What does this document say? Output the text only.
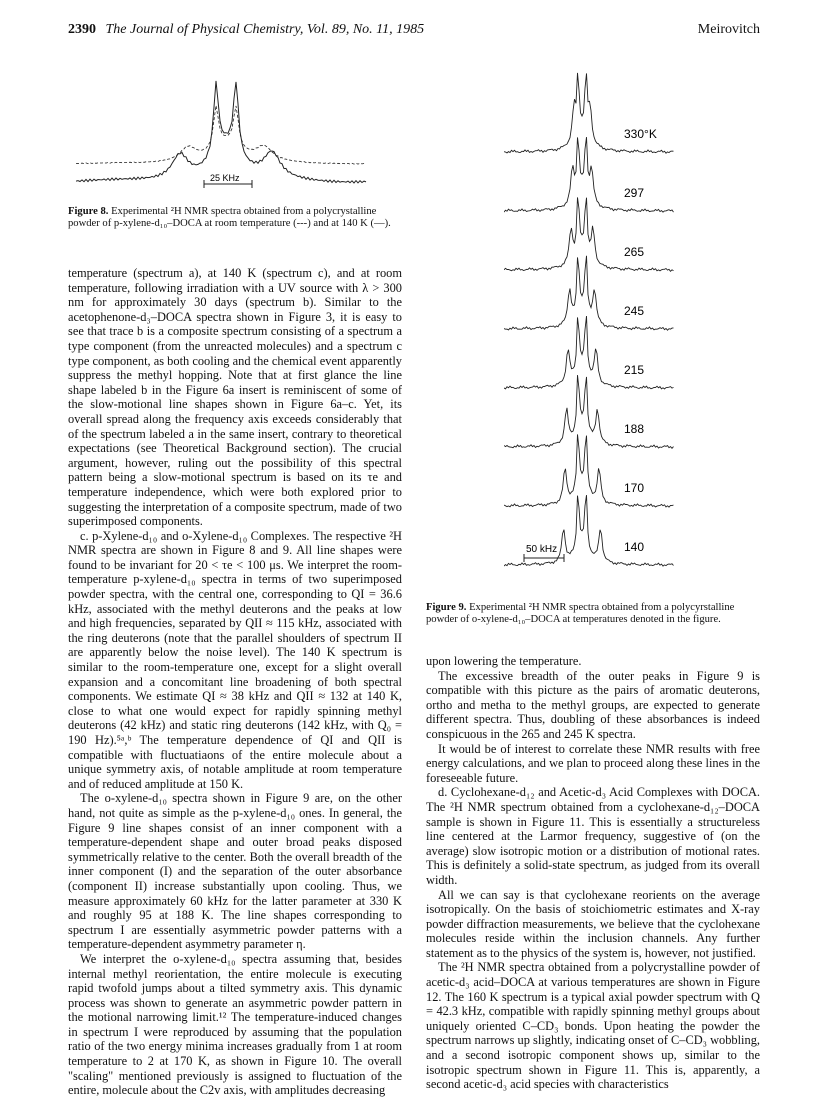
2390 The Journal of Physical Chemistry, Vol. 89, No. 11, 1985	Meirovitch
25 KHz
Figure 8. Experimental ²H NMR spectra obtained from a polycrystalline powder of p-xylene-d₁₀–DOCA at room temperature (---) and at 140 K (—).
330°K
297
265
245
215
188
170
140
50 kHz
Figure 9. Experimental ²H NMR spectra obtained from a polycyrstalline powder of o-xylene-d₁₀–DOCA at temperatures denoted in the figure.

temperature (spectrum a), at 140 K (spectrum c), and at room temperature, following irradiation with a UV source with λ > 300 nm for approximately 30 days (spectrum b). Similar to the acetophenone-d₃–DOCA spectra shown in Figure 3, it is easy to see that trace b is a composite spectrum consisting of a spectrum a type component (from the unreacted molecules) and a spectrum c type component, as both cooling and the chemical event apparently suppress the methyl hopping. Note that at first glance the line shape labeled b in the Figure 6a insert is reminiscent of some of the slow-motional line shapes shown in Figure 6a–c. Yet, its overall spread along the frequency axis exceeds considerably that of the spectrum labeled a in the same insert, contrary to theoretical expectations (see Theoretical Background section). The crucial argument, however, ruling out the possibility of this spectral pattern being a slow-motional spectrum is based on its τe and temperature independence, which were both explored prior to suggesting the interpretation of a composite spectrum, made of two superimposed components.

c. p-Xylene-d₁₀ and o-Xylene-d₁₀ Complexes. The respective ²H NMR spectra are shown in Figure 8 and 9. All line shapes were found to be invariant for 20 < τe < 100 μs. We interpret the room-temperature p-xylene-d₁₀ spectra in terms of two superimposed powder spectra, with the central one, corresponding to QI = 36.6 kHz, associated with the methyl deuterons and the peaks at low and high frequencies, separated by QII ≈ 115 kHz, associated with the ring deuterons (note that the parallel shoulders of spectrum II are apparently below the noise level). The 140 K spectrum is similar to the room-temperature one, except for a slight overall expansion and a concomitant line broadening of both spectral components. We estimate QI ≈ 38 kHz and QII ≈ 132 at 140 K, close to what one would expect for rapidly spinning methyl deuterons (42 kHz) and static ring deuterons (142 kHz, with Q₀ = 190 Hz).⁵ᵃ,ᵇ The temperature dependence of QI and QII is compatible with fluctuatiaons of the entire molecule about a unique symmetry axis, of notable amplitude at room temperature and of reduced amplitude at 150 K.

The o-xylene-d₁₀ spectra shown in Figure 9 are, on the other hand, not quite as simple as the p-xylene-d₁₀ ones. In general, the Figure 9 line shapes consist of an inner component with a temperature-dependent shape and outer broad peaks disposed symmetrically relative to the center. Both the overall breadth of the inner component (I) and the separation of the outer absorbance (component II) increase substantially upon cooling. Thus, we measure approximately 60 kHz for the latter parameter at 330 K and roughly 95 at 188 K. The line shapes corresponding to spectrum I are essentially asymmetric powder patterns with a temperature-dependent asymmetry parameter η.

We interpret the o-xylene-d₁₀ spectra assuming that, besides internal methyl reorientation, the entire molecule is executing rapid twofold jumps about a tilted symmetry axis. This dynamic process was shown to generate an asymmetric powder pattern in the motional narrowing limit.¹² The temperature-induced changes in spectrum I were reproduced by assuming that the population ratio of the two energy minima increases gradually from 1 at room temperature to 2 at 170 K, as shown in Figure 10. The overall "scaling" mentioned previously is assigned to fluctuation of the entire, molecule about the C2v axis, with amplitudes decreasing

upon lowering the temperature.

The excessive breadth of the outer peaks in Figure 9 is compatible with this picture as the pairs of aromatic deuterons, ortho and metha to the methyl groups, are expected to generate different spectra. Thus, doubling of these absorbances is indeed conspicuous in the 265 and 245 K spectra.

It would be of interest to correlate these NMR results with free energy calculations, and we plan to proceed along these lines in the foreseeable future.

d. Cyclohexane-d₁₂ and Acetic-d₃ Acid Complexes with DOCA. The ²H NMR spectrum obtained from a cyclohexane-d₁₂–DOCA sample is shown in Figure 11. This is essentially a structureless line centered at the Larmor frequency, suggestive of (on the average) slow isotropic motion or a distribution of motional rates. This is definitely a solid-state spectrum, as judged from its overall width.

All we can say is that cyclohexane reorients on the average isotropically. On the basis of stoichiometric estimates and X-ray powder diffraction measurements, we believe that the cyclohexane molecules reside within the inclusion channels. Any further statement as to the physics of the system is, however, not justified.

The ²H NMR spectra obtained from a polycrystalline powder of acetic-d₃ acid–DOCA at various temperatures are shown in Figure 12. The 160 K spectrum is a typical axial powder spectrum with Q = 42.3 kHz, compatible with rapidly spinning methyl groups about uniquely oriented C–CD₃ bonds. Upon heating the powder the spectrum narrows up slightly, indicating onset of C–CD₃ wobbling, and a second isotropic component shows up, similar to the isotropic spectrum shown in Figure 11. This is, apparently, a second acetic-d₃ acid species with characteristics
